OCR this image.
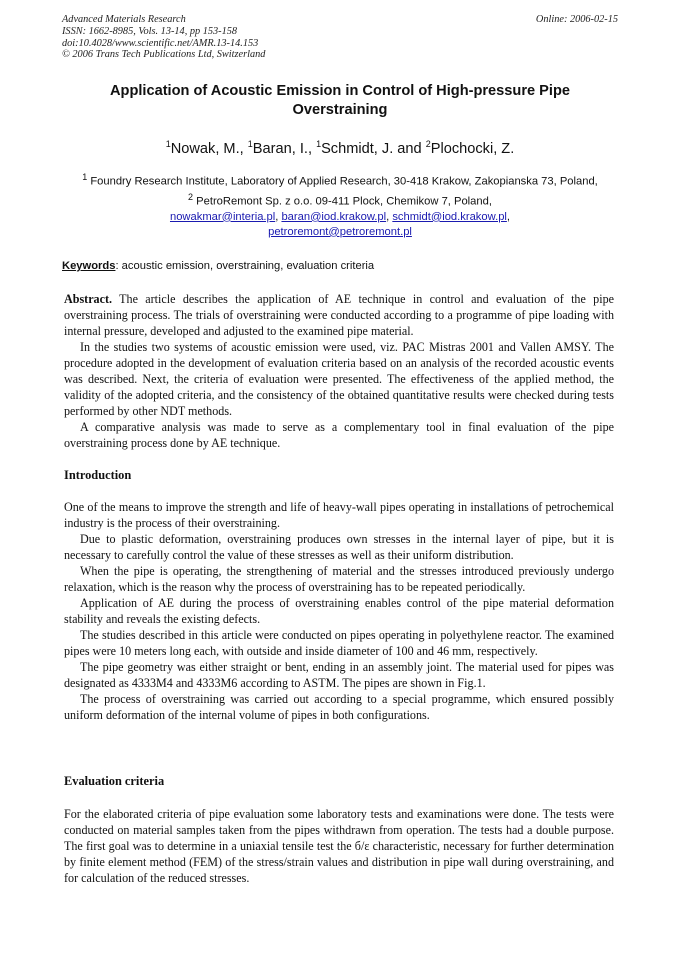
Advanced Materials Research
ISSN: 1662-8985, Vols. 13-14, pp 153-158
doi:10.4028/www.scientific.net/AMR.13-14.153
© 2006 Trans Tech Publications Ltd, Switzerland
Online: 2006-02-15
Application of Acoustic Emission in Control of High-pressure Pipe Overstraining
$^1$Nowak, M., $^1$Baran, I., $^1$Schmidt, J. and $^2$Plochocki, Z.
$^1$ Foundry Research Institute, Laboratory of Applied Research, 30-418 Krakow, Zakopianska 73, Poland,
$^2$ PetroRemont Sp. z o.o. 09-411 Plock, Chemikow 7, Poland,
nowakmar@interia.pl, baran@iod.krakow.pl, schmidt@iod.krakow.pl,
petroremont@petroremont.pl
Keywords: acoustic emission, overstraining, evaluation criteria

Abstract. The article describes the application of AE technique in control and evaluation of the pipe overstraining process. The trials of overstraining were conducted according to a programme of pipe loading with internal pressure, developed and adjusted to the examined pipe material.

In the studies two systems of acoustic emission were used, viz. PAC Mistras 2001 and Vallen AMSY. The procedure adopted in the development of evaluation criteria based on an analysis of the recorded acoustic events was described. Next, the criteria of evaluation were presented. The effectiveness of the applied method, the validity of the adopted criteria, and the consistency of the obtained quantitative results were checked during tests performed by other NDT methods.

A comparative analysis was made to serve as a complementary tool in final evaluation of the pipe overstraining process done by AE technique.

Introduction

One of the means to improve the strength and life of heavy-wall pipes operating in installations of petrochemical industry is the process of their overstraining.

Due to plastic deformation, overstraining produces own stresses in the internal layer of pipe, but it is necessary to carefully control the value of these stresses as well as their uniform distribution.

When the pipe is operating, the strengthening of material and the stresses introduced previously undergo relaxation, which is the reason why the process of overstraining has to be repeated periodically.

Application of AE during the process of overstraining enables control of the pipe material deformation stability and reveals the existing defects.

The studies described in this article were conducted on pipes operating in polyethylene reactor. The examined pipes were 10 meters long each, with outside and inside diameter of 100 and 46 mm, respectively.

The pipe geometry was either straight or bent, ending in an assembly joint. The material used for pipes was designated as 4333M4 and 4333M6 according to ASTM. The pipes are shown in Fig.1.

The process of overstraining was carried out according to a special programme, which ensured possibly uniform deformation of the internal volume of pipes in both configurations.

Evaluation criteria

For the elaborated criteria of pipe evaluation some laboratory tests and examinations were done. The tests were conducted on material samples taken from the pipes withdrawn from operation. The tests had a double purpose. The first goal was to determine in a uniaxial tensile test the б/ε characteristic, necessary for further determination by finite element method (FEM) of the stress/strain values and distribution in pipe wall during overstraining, and for calculation of the reduced stresses.
